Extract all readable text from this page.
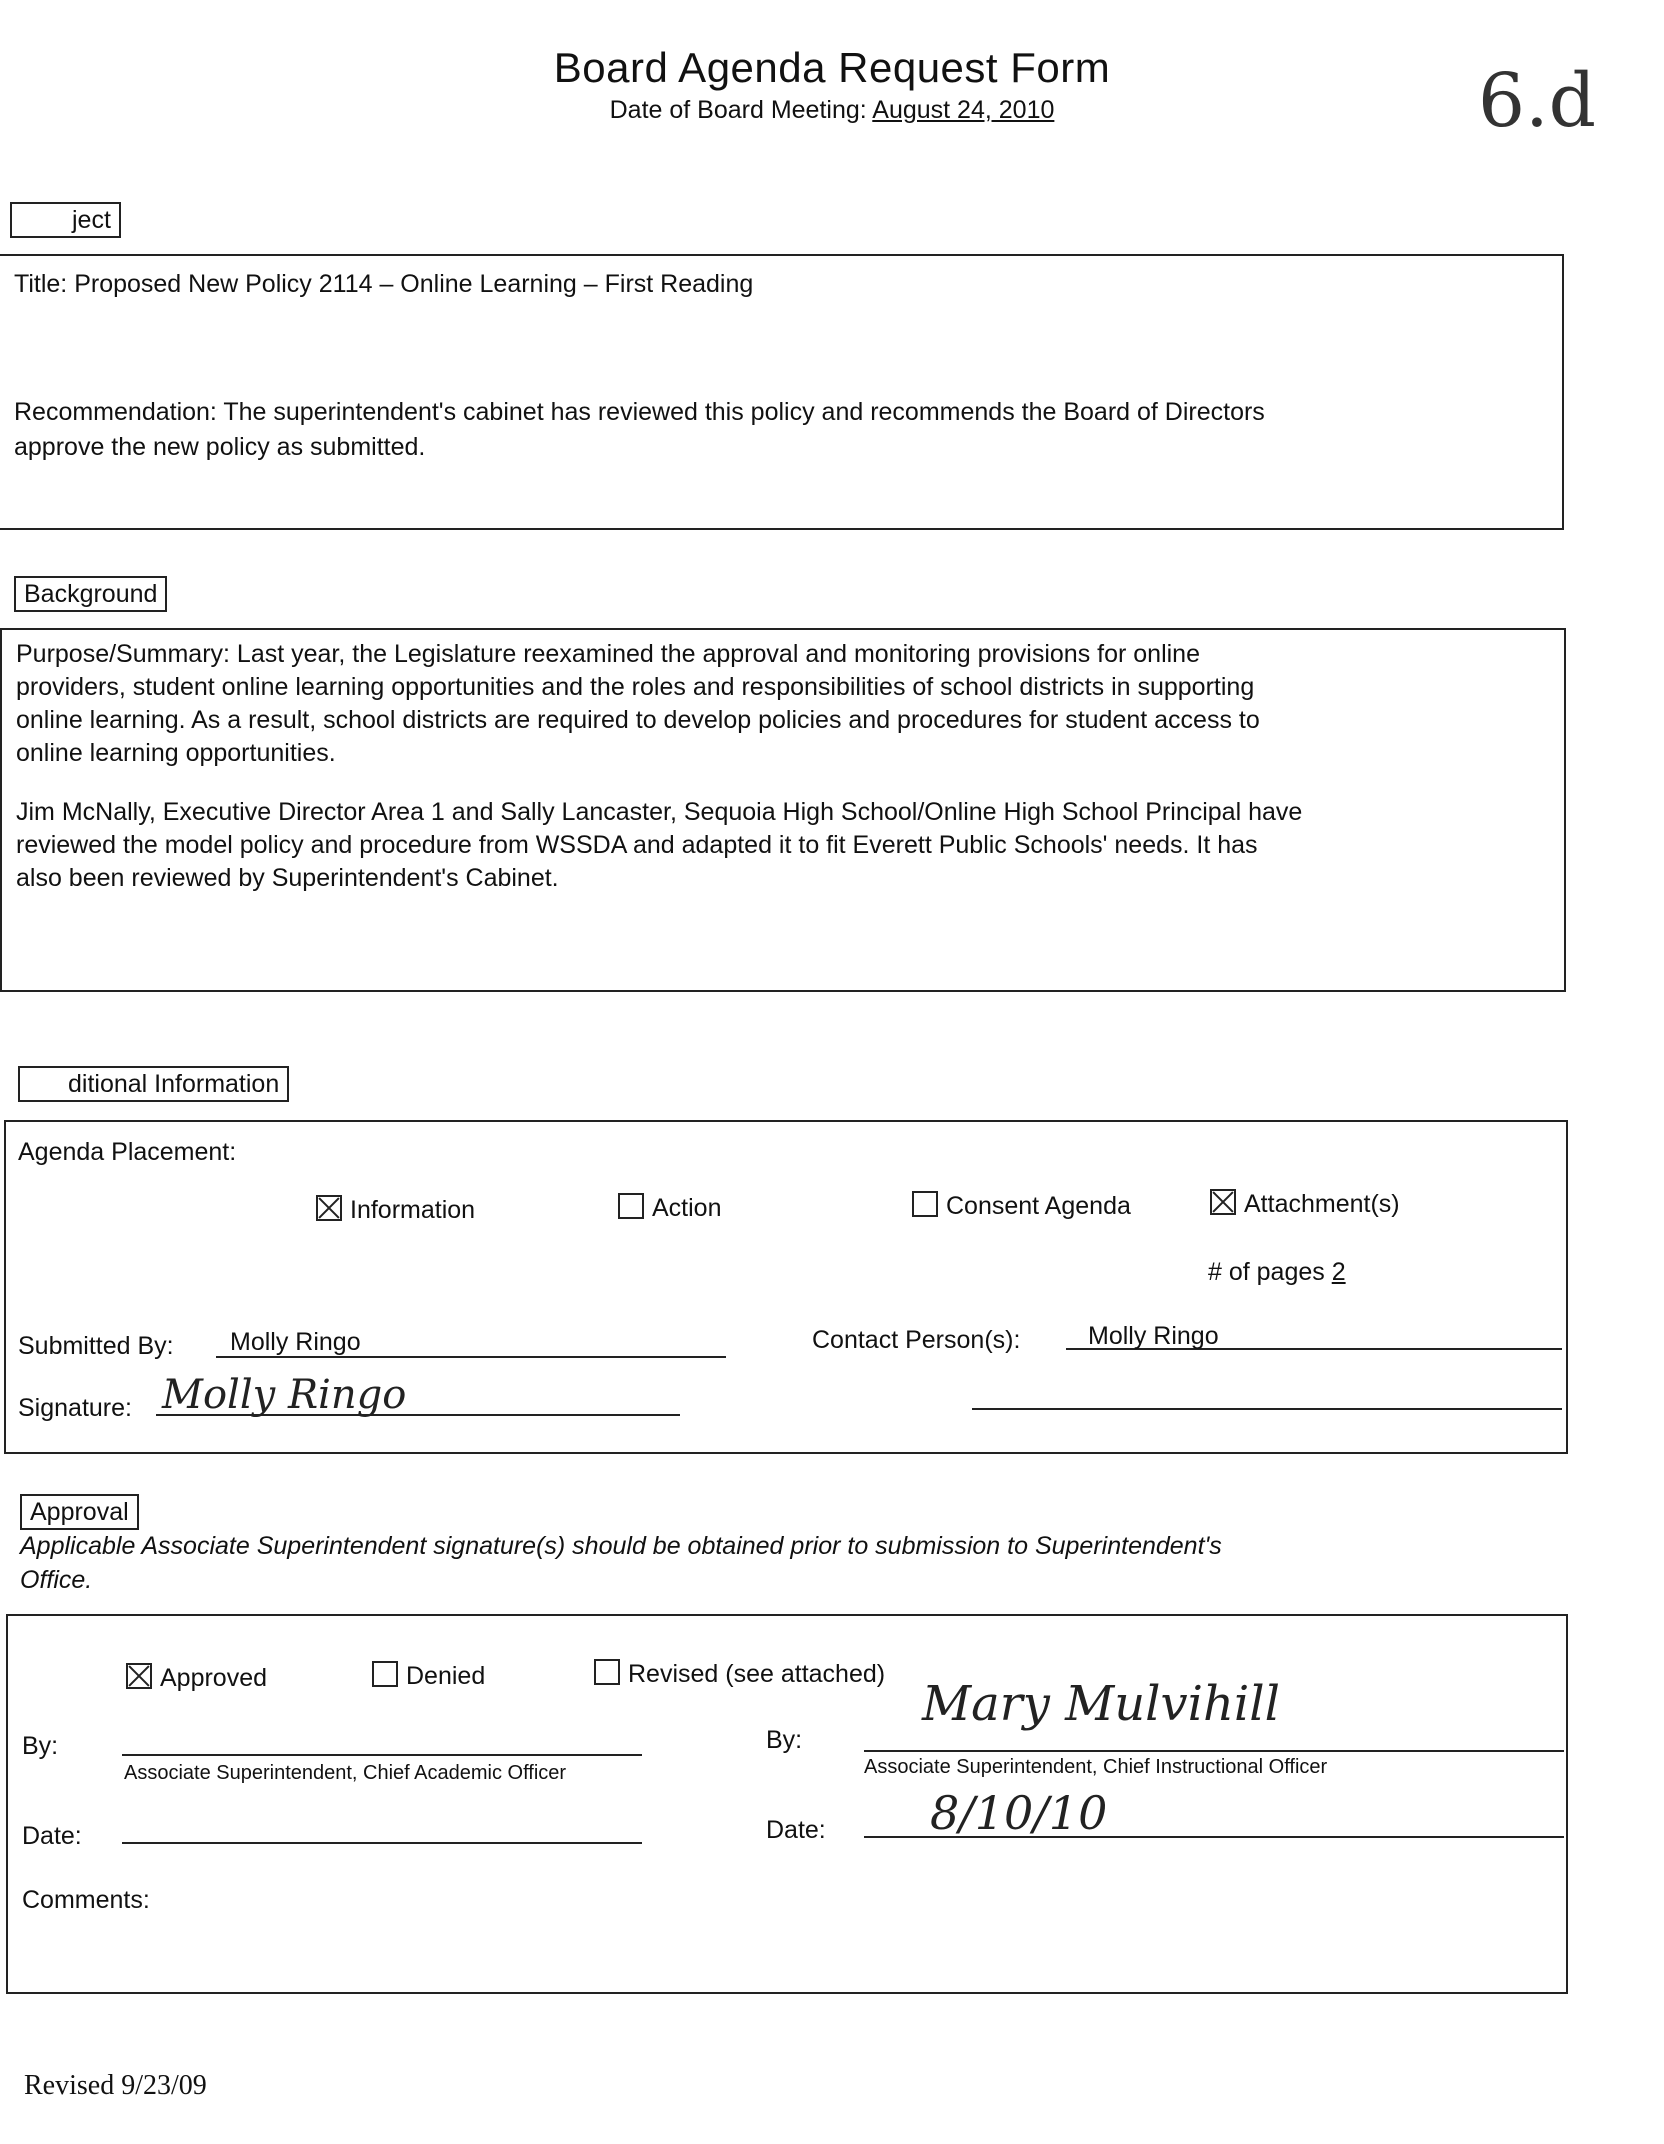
Board Agenda Request Form
Date of Board Meeting: August 24, 2010	6.d
ject
Title: Proposed New Policy 2114 – Online Learning – First Reading
Recommendation: The superintendent's cabinet has reviewed this policy and recommends the Board of Directors
approve the new policy as submitted.
Background
Purpose/Summary: Last year, the Legislature reexamined the approval and monitoring provisions for online
providers, student online learning opportunities and the roles and responsibilities of school districts in supporting
online learning. As a result, school districts are required to develop policies and procedures for student access to
online learning opportunities.
Jim McNally, Executive Director Area 1 and Sally Lancaster, Sequoia High School/Online High School Principal have
reviewed the model policy and procedure from WSSDA and adapted it to fit Everett Public Schools' needs. It has
also been reviewed by Superintendent's Cabinet.
ditional Information
Agenda Placement:
Information	Action	Consent Agenda	Attachment(s)
# of pages 2
Submitted By: Molly Ringo	Contact Person(s):	Molly Ringo
Signature: Molly Ringo
Approval
Applicable Associate Superintendent signature(s) should be obtained prior to submission to Superintendent's
Office.
Approved	Denied	Revised (see attached)
By:
Associate Superintendent, Chief Academic Officer
By:
Mary Mulvihill
Associate Superintendent, Chief Instructional Officer
Date:	Date: 8/10/10
Comments:
Revised 9/23/09
